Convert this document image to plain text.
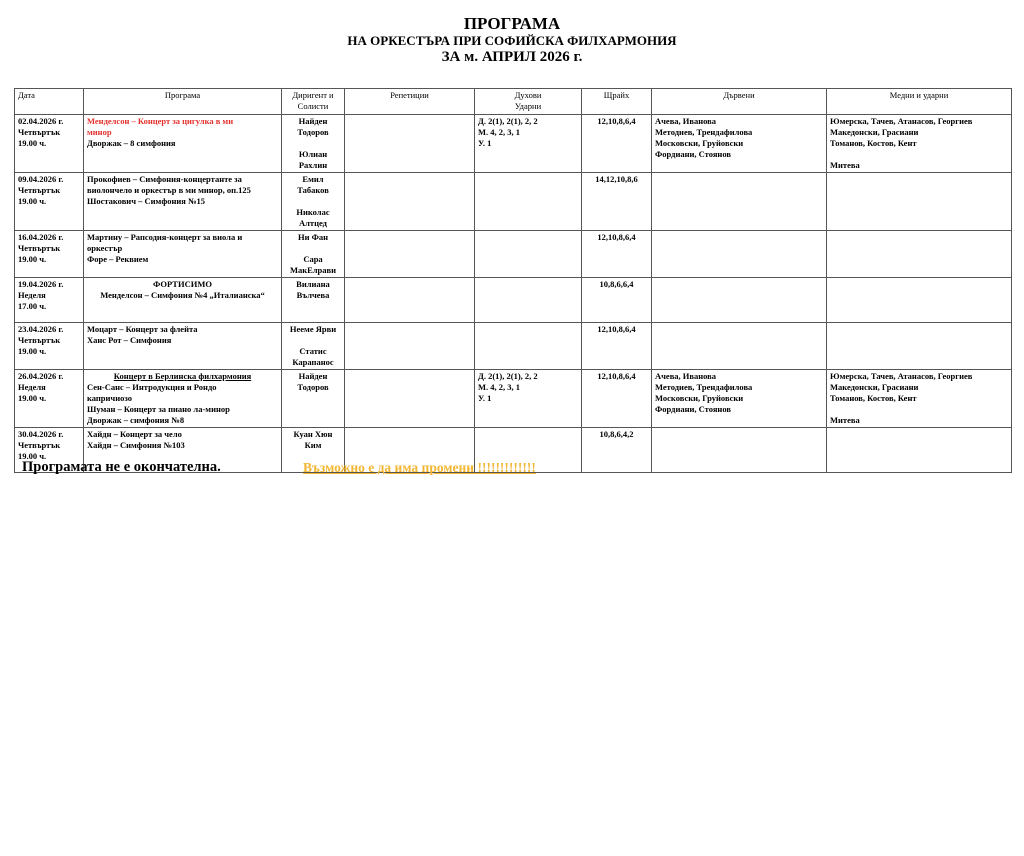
ПРОГРАМА
НА ОРКЕСТЪРА ПРИ СОФИЙСКА ФИЛХАРМОНИЯ
ЗА м. АПРИЛ 2026 г.
Дата	Програма	Диригент и
Солисти	Репетиции	Духови
Ударни	Щрайх	Дървени	Медни и ударни

02.04.2026 г.
Четвъртък
19.00 ч.	Менделсон – Концерт за цигулка в ми
минор
Дворжак – 8 симфония	Найден
Тодоров
Юлиан
Рахлин		Д. 2(1), 2(1), 2, 2
М. 4, 2, 3, 1
У. 1	12,10,8,6,4	Ачева, Иванова
Методиев, Трендафилова
Московски, Груйовски
Фордиани, Стоянов	Юмерска, Тачев, Атанасов, Георгиев
Македонски, Грасиани
Томанов, Костов, Кент
Митева

09.04.2026 г.
Четвъртък
19.00 ч.	Прокофиев – Симфония-концертанте за
виолончело и оркестър в ми минор, оп.125
Шостакович – Симфония №15	Емил
Табаков
Николас
Алтцед			14,12,10,8,6		

16.04.2026 г.
Четвъртък
19.00 ч.	Мартину – Рапсодия-концерт за виола и
оркестър
Форе – Реквием	Ни Фан
Сара
МакЕлрави			12,10,8,6,4		

19.04.2026 г.
Неделя
17.00 ч.	ФОРТИСИМО
Менделсон – Симфония №4 „Италианска“	Вилиана
Вълчева			10,8,6,6,4		

23.04.2026 г.
Четвъртък
19.00 ч.	Моцарт – Концерт за флейта
Ханс Рот – Симфония	Нееме Ярви
Статис
Карапанос			12,10,8,6,4		

26.04.2026 г.
Неделя
19.00 ч.	Концерт в Берлинска филхармония
Сен-Санс – Интродукция и Рондо
капричиозо
Шуман – Концерт за пиано ла-минор
Дворжак – симфония №8	Найден
Тодоров		Д. 2(1), 2(1), 2, 2
М. 4, 2, 3, 1
У. 1	12,10,8,6,4	Ачева, Иванова
Методиев, Трендафилова
Московски, Груйовски
Фордиани, Стоянов	Юмерска, Тачев, Атанасов, Георгиев
Македонски, Грасиани
Томанов, Костов, Кент
Митева

30.04.2026 г.
Четвъртък
19.00 ч.	Хайдн – Концерт за чело
Хайдн – Симфония №103	Куан Хюн
Ким			10,8,6,4,2		
Програмата не е окончателна.	Възможно е да има промени !!!!!!!!!!!!!
